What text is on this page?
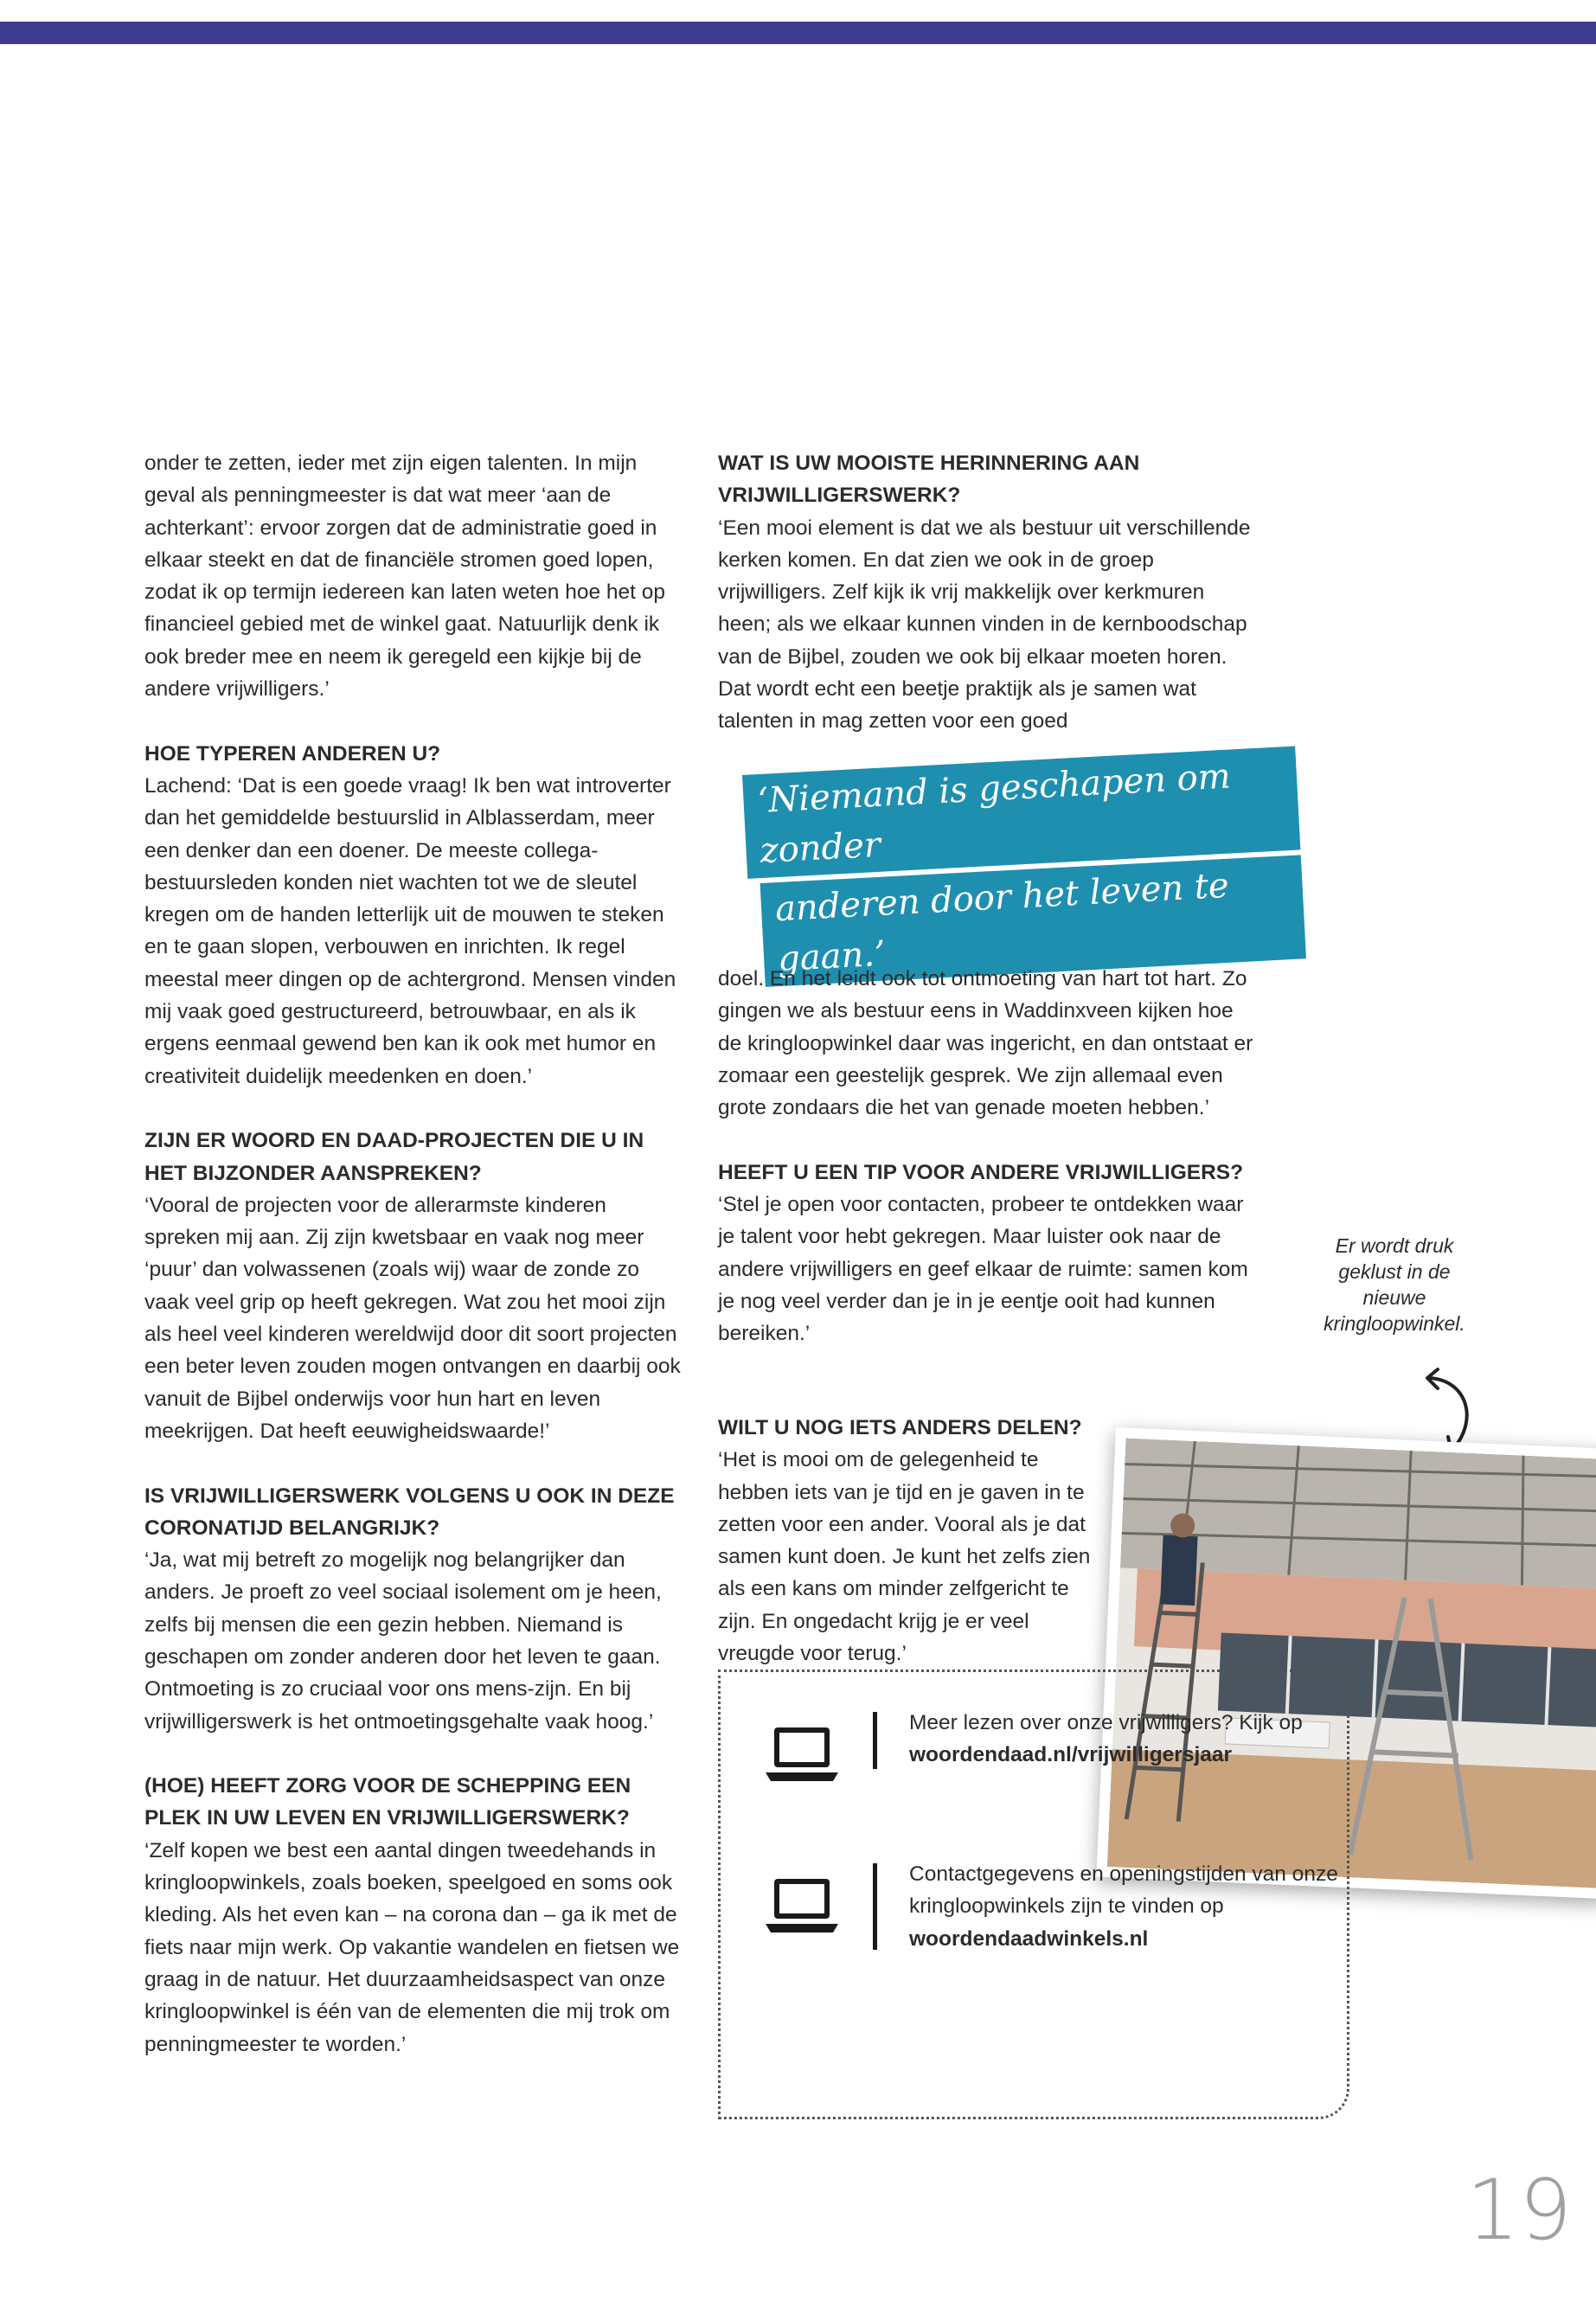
onder te zetten, ieder met zijn eigen talenten. In mijn geval als penningmeester is dat wat meer ‘aan de achterkant’: ervoor zorgen dat de administratie goed in elkaar steekt en dat de financiële stromen goed lopen, zodat ik op termijn iedereen kan laten weten hoe het op financieel gebied met de winkel gaat. Natuurlijk denk ik ook breder mee en neem ik geregeld een kijkje bij de andere vrijwilligers.’

HOE TYPEREN ANDEREN U?

Lachend: ‘Dat is een goede vraag! Ik ben wat introverter dan het gemiddelde bestuurslid in Alblasserdam, meer een denker dan een doener. De meeste collega-bestuursleden konden niet wachten tot we de sleutel kregen om de handen letterlijk uit de mouwen te steken en te gaan slopen, verbouwen en inrichten. Ik regel meestal meer dingen op de achtergrond. Mensen vinden mij vaak goed gestructureerd, betrouwbaar, en als ik ergens eenmaal gewend ben kan ik ook met humor en creativiteit duidelijk meedenken en doen.’

ZIJN ER WOORD EN DAAD-PROJECTEN DIE U IN HET BIJZONDER AANSPREKEN?

‘Vooral de projecten voor de allerarmste kinderen spreken mij aan. Zij zijn kwetsbaar en vaak nog meer ‘puur’ dan volwassenen (zoals wij) waar de zonde zo vaak veel grip op heeft gekregen. Wat zou het mooi zijn als heel veel kinderen wereldwijd door dit soort projecten een beter leven zouden mogen ontvangen en daarbij ook vanuit de Bijbel onderwijs voor hun hart en leven meekrijgen. Dat heeft eeuwigheidswaarde!’

IS VRIJWILLIGERSWERK VOLGENS U OOK IN DEZE CORONATIJD BELANGRIJK?

‘Ja, wat mij betreft zo mogelijk nog belangrijker dan anders. Je proeft zo veel sociaal isolement om je heen, zelfs bij mensen die een gezin hebben. Niemand is geschapen om zonder anderen door het leven te gaan. Ontmoeting is zo cruciaal voor ons mens-zijn. En bij vrijwilligerswerk is het ontmoetingsgehalte vaak hoog.’

(HOE) HEEFT ZORG VOOR DE SCHEPPING EEN PLEK IN UW LEVEN EN VRIJWILLIGERSWERK?

‘Zelf kopen we best een aantal dingen tweedehands in kringloopwinkels, zoals boeken, speelgoed en soms ook kleding. Als het even kan – na corona dan – ga ik met de fiets naar mijn werk. Op vakantie wandelen en fietsen we graag in de natuur. Het duurzaamheidsaspect van onze kringloopwinkel is één van de elementen die mij trok om penningmeester te worden.’

WAT IS UW MOOISTE HERINNERING AAN VRIJWILLIGERSWERK?

‘Een mooi element is dat we als bestuur uit verschillende kerken komen. En dat zien we ook in de groep vrijwilligers. Zelf kijk ik vrij makkelijk over kerkmuren heen; als we elkaar kunnen vinden in de kernboodschap van de Bijbel, zouden we ook bij elkaar moeten horen. Dat wordt echt een beetje praktijk als je samen wat talenten in mag zetten voor een goed

‘Niemand is geschapen om zonder
anderen door het leven te gaan.’

doel. En het leidt ook tot ontmoeting van hart tot hart. Zo gingen we als bestuur eens in Waddinxveen kijken hoe de kringloopwinkel daar was ingericht, en dan ontstaat er zomaar een geestelijk gesprek. We zijn allemaal even grote zondaars die het van genade moeten hebben.’

HEEFT U EEN TIP VOOR ANDERE VRIJWILLIGERS?

‘Stel je open voor contacten, probeer te ontdekken waar je talent voor hebt gekregen. Maar luister ook naar de andere vrijwilligers en geef elkaar de ruimte: samen kom je nog veel verder dan je in je eentje ooit had kunnen bereiken.’

WILT U NOG IETS ANDERS DELEN?

‘Het is mooi om de gelegenheid te hebben iets van je tijd en je gaven in te zetten voor een ander. Vooral als je dat samen kunt doen. Je kunt het zelfs zien als een kans om minder zelfgericht te zijn. En ongedacht krijg je er veel vreugde voor terug.’

Er wordt druk geklust in de nieuwe kringloopwinkel.
Meer lezen over onze vrijwilligers? Kijk op woordendaad.nl/vrijwilligersjaar
Contactgegevens en openingstijden van onze kringloopwinkels zijn te vinden op woordendaadwinkels.nl
19
